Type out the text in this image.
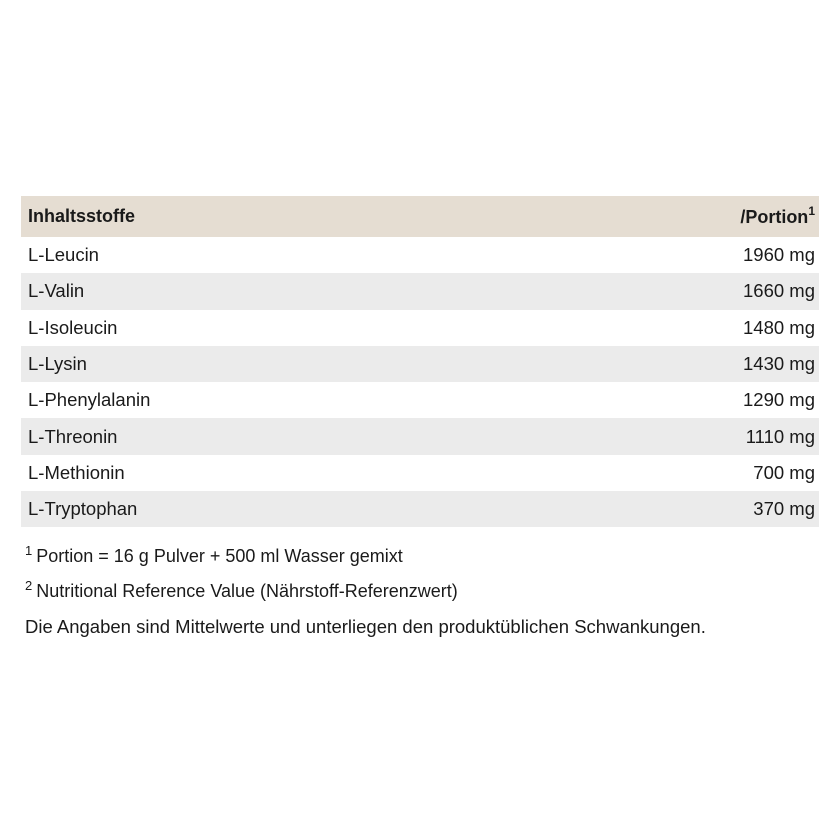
Inhaltsstoffe	/Portion$^1$
L-Leucin	1960 mg
L-Valin	1660 mg
L-Isoleucin	1480 mg
L-Lysin	1430 mg
L-Phenylalanin	1290 mg
L-Threonin	1110 mg
L-Methionin	700 mg
L-Tryptophan	370 mg
$^1$ Portion = 16 g Pulver + 500 ml Wasser gemixt
$^2$ Nutritional Reference Value (Nährstoff-Referenzwert)
Die Angaben sind Mittelwerte und unterliegen den produktüblichen Schwankungen.
